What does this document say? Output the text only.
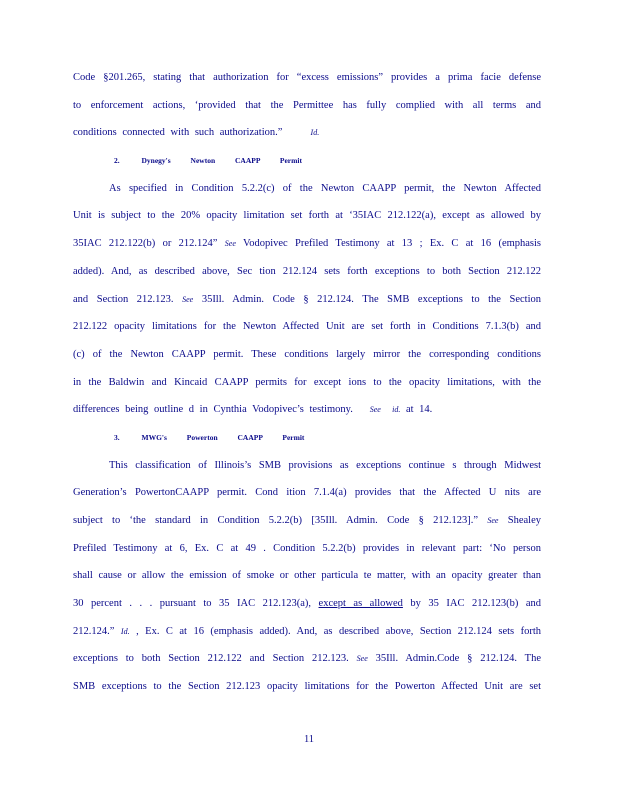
Code §201.265, stating that authorization for “excess emissions” provides a prima facie defense
to enforcement actions, ‘provided that the Permittee has fully complied with all terms and
conditions connected with such authorization.”	Id.
2.	Dynegy's Newton CAAPP Permit
As specified in Condition 5.2.2(c) of the Newton CAAPP permit, the Newton Affected
Unit is subject to the 20% opacity limitation set forth at ‘35IAC 212.122(a), except as allowed by
35IAC 212.122(b) or 212.124” See Vodopivec Prefiled Testimony at 13 ; Ex. C at 16 (emphasis
added). And, as described above, Sec tion 212.124 sets forth exceptions to both Section 212.122
and Section 212.123. See 35Ill. Admin. Code § 212.124. The SMB exceptions to the Section
212.122 opacity limitations for the Newton Affected Unit are set forth in Conditions 7.1.3(b) and
(c) of the Newton CAAPP permit. These conditions largely mirror the corresponding conditions
in the Baldwin and Kincaid CAAPP permits for except ions to the opacity limitations, with the
differences being outline d in Cynthia Vodopivec’s testimony. See id. at 14.
3.	MWG's Powerton CAAPP Permit
This classification of Illinois’s SMB provisions as exceptions continue s through Midwest
Generation’s PowertonCAAPP permit. Cond ition 7.1.4(a) provides that the Affected U nits are
subject to ‘the standard in Condition 5.2.2(b) [35Ill. Admin. Code § 212.123].” See Shealey
Prefiled Testimony at 6, Ex. C at 49 . Condition 5.2.2(b) provides in relevant part: ‘No person
shall cause or allow the emission of smoke or other particula te matter, with an opacity greater than
30 percent . . . pursuant to 35 IAC 212.123(a), except as allowed by 35 IAC 212.123(b) and
212.124.” Id. , Ex. C at 16 (emphasis added). And, as described above, Section 212.124 sets forth
exceptions to both Section 212.122 and Section 212.123. See 35Ill. Admin.Code § 212.124. The
SMB exceptions to the Section 212.123 opacity limitations for the Powerton Affected Unit are set
11
